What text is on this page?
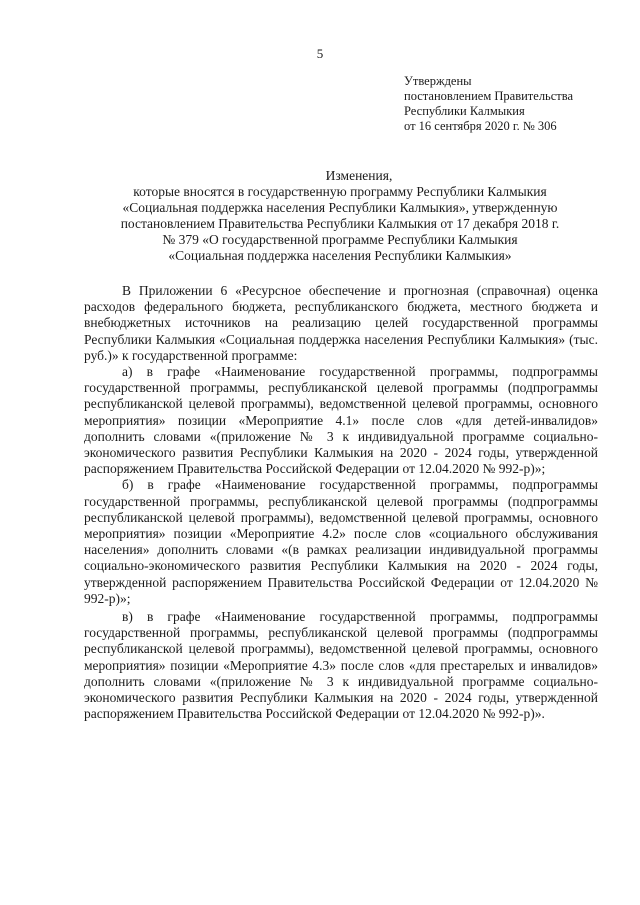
5
Утверждены
постановлением Правительства
Республики Калмыкия
от 16 сентября 2020 г. № 306
Изменения,
которые вносятся в государственную программу Республики Калмыкия
«Социальная поддержка населения Республики Калмыкия», утвержденную
постановлением Правительства Республики Калмыкия от 17 декабря 2018 г.
№ 379 «О государственной программе Республики Калмыкия
«Социальная поддержка населения Республики Калмыкия»

В Приложении 6 «Ресурсное обеспечение и прогнозная (справочная) оценка расходов федерального бюджета, республиканского бюджета, местного бюджета и внебюджетных источников на реализацию целей государственной программы Республики Калмыкия «Социальная поддержка населения Республики Калмыкия» (тыс. руб.)» к государственной программе:

а) в графе «Наименование государственной программы, подпрограммы государственной программы, республиканской целевой программы (подпрограммы республиканской целевой программы), ведомственной целевой программы, основного мероприятия» позиции «Мероприятие 4.1» после слов «для детей-инвалидов» дополнить словами «(приложение № 3 к индивидуальной программе социально-экономического развития Республики Калмыкия на 2020 - 2024 годы, утвержденной распоряжением Правительства Российской Федерации от 12.04.2020 № 992-р)»;

б) в графе «Наименование государственной программы, подпрограммы государственной программы, республиканской целевой программы (подпрограммы республиканской целевой программы), ведомственной целевой программы, основного мероприятия» позиции «Мероприятие 4.2» после слов «социального обслуживания населения» дополнить словами «(в рамках реализации индивидуальной программы социально-экономического развития Республики Калмыкия на 2020 - 2024 годы, утвержденной распоряжением Правительства Российской Федерации от 12.04.2020 № 992-р)»;

в) в графе «Наименование государственной программы, подпрограммы государственной программы, республиканской целевой программы (подпрограммы республиканской целевой программы), ведомственной целевой программы, основного мероприятия» позиции «Мероприятие 4.3» после слов «для престарелых и инвалидов» дополнить словами «(приложение № 3 к индивидуальной программе социально-экономического развития Республики Калмыкия на 2020 - 2024 годы, утвержденной распоряжением Правительства Российской Федерации от 12.04.2020 № 992-р)».
